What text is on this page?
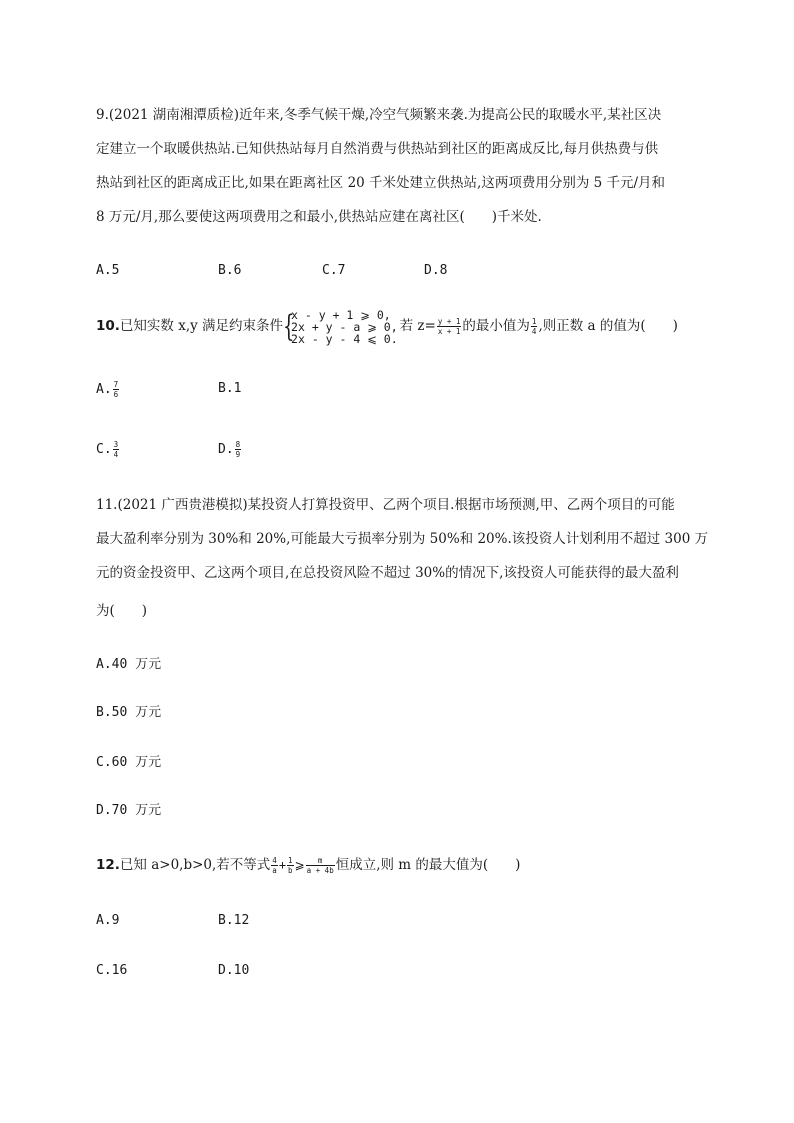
9.(2021 湖南湘潭质检)近年来,冬季气候干燥,冷空气频繁来袭.为提高公民的取暖水平,某社区决
定建立一个取暖供热站.已知供热站每月自然消费与供热站到社区的距离成反比,每月供热费与供
热站到社区的距离成正比,如果在距离社区 20 千米处建立供热站,这两项费用分别为 5 千元/月和
8 万元/月,那么要使这两项费用之和最小,供热站应建在离社区(　　)千米处.
A.5	B.6	C.7	D.8
10.已知实数 x,y 满足约束条件 {
x - y + 1 ⩾ 0,
2x + y - a ⩾ 0,
2x - y - 4 ⩽ 0.
若 $z= \frac{y + 1}{x + 1}$ 的最小值为 $\frac{1}{4}$ ,则正数 a 的值为(　　)
A. $\frac{7}{6}$	B.1
C. $\frac{3}{4}$	D. $\frac{8}{9}$
11.(2021 广西贵港模拟)某投资人打算投资甲、乙两个项目.根据市场预测,甲、乙两个项目的可能
最大盈利率分别为 30%和 20%,可能最大亏损率分别为 50%和 20%.该投资人计划利用不超过 300 万
元的资金投资甲、乙这两个项目,在总投资风险不超过 30%的情况下,该投资人可能获得的最大盈利
为(　　)
A.40 万元
B.50 万元
C.60 万元
D.70 万元
12.已知 a>0,b>0,若不等式 $\frac{4}{a} + \frac{1}{b}$ ⩾ $\frac{m}{a + 4b}$ 恒成立,则 m 的最大值为(　　)
A.9	B.12
C.16	D.10
